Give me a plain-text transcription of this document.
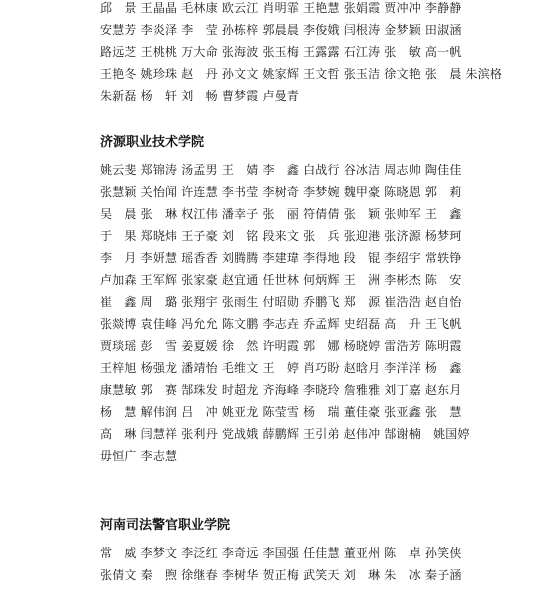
邱　景 王晶晶 毛林康 欧云江 肖明霏 王艳慧 张娟霞 贾冲冲 李静静
安慧芳 李炎泽 李　莹 孙栋梓 郭晨晨 李俊娥 闫根涛 金梦颖 田淑涵
路远芝 王桃桃 万大命 张海波 张玉梅 王露露 石江涛 张　敏 高一帆
王艳冬 姚珍珠 赵　丹 孙文文 姚家辉 王文哲 张玉洁 徐文艳 张　晨 朱滨格
朱新磊 杨　轩 刘　畅 曹梦霞 卢曼青
济源职业技术学院
姚云斐 郑锦涛 汤孟男 王　婧 李　鑫 白战行 谷冰洁 周志帅 陶佳佳
张慧颖 关怡闻 许连慧 李书莹 李树奇 李梦婉 魏甲豪 陈晓恩 郭　莉
吴　晨 张　琳 权江伟 潘幸子 张　丽 符倩倩 张　颖 张帅军 王　鑫
于　果 郑晓炜 王子豪 刘　铭 段来文 张　兵 张迎港 张济源 杨梦珂
李　月 李妍慧 瑶香香 刘腾腾 李建瑋 李得地 段　锟 李绍宇 常轶铮
卢加森 王军辉 张家豪 赵宜通 任世林 何炳辉 王　洲 李彬杰 陈　安
崔　鑫 周　璐 张翔宇 张雨生 付昭勋 乔鹏飞 郑　源 崔浩浩 赵自怡
张燚博 袁佳峰 冯允允 陈文鹏 李志垚 乔孟辉 史绍磊 高　升 王飞帆
贾琰瑶 彭　雪 姜夏媛 徐　然 许明霞 郭　娜 杨晓婷 雷浩芳 陈明霞
王梓旭 杨强龙 潘靖怡 毛维文 王　婷 肖巧盼 赵晗月 李洋洋 杨　鑫
康慧敏 郭　赛 郜珠发 时超龙 齐海峰 李晓玲 詹雅雅 刘丁嘉 赵东月
杨　慧 解伟润 吕　冲 姚亚龙 陈莹雪 杨　瑞 董佳豪 张亚鑫 张　慧
高　琳 闫慧祥 张利丹 党战娥 薛鹏辉 王引弟 赵伟冲 郜谢楠　姚国婷
毋恒广 李志慧
河南司法警官职业学院
常　威 李梦文 李泛红 李奇远 李国强 任佳慧 董亚州 陈　卓 孙笑侠
张倩文 秦　煦 徐继春 李树华 贺正梅 武笑天 刘　琳 朱　冰 秦子涵
